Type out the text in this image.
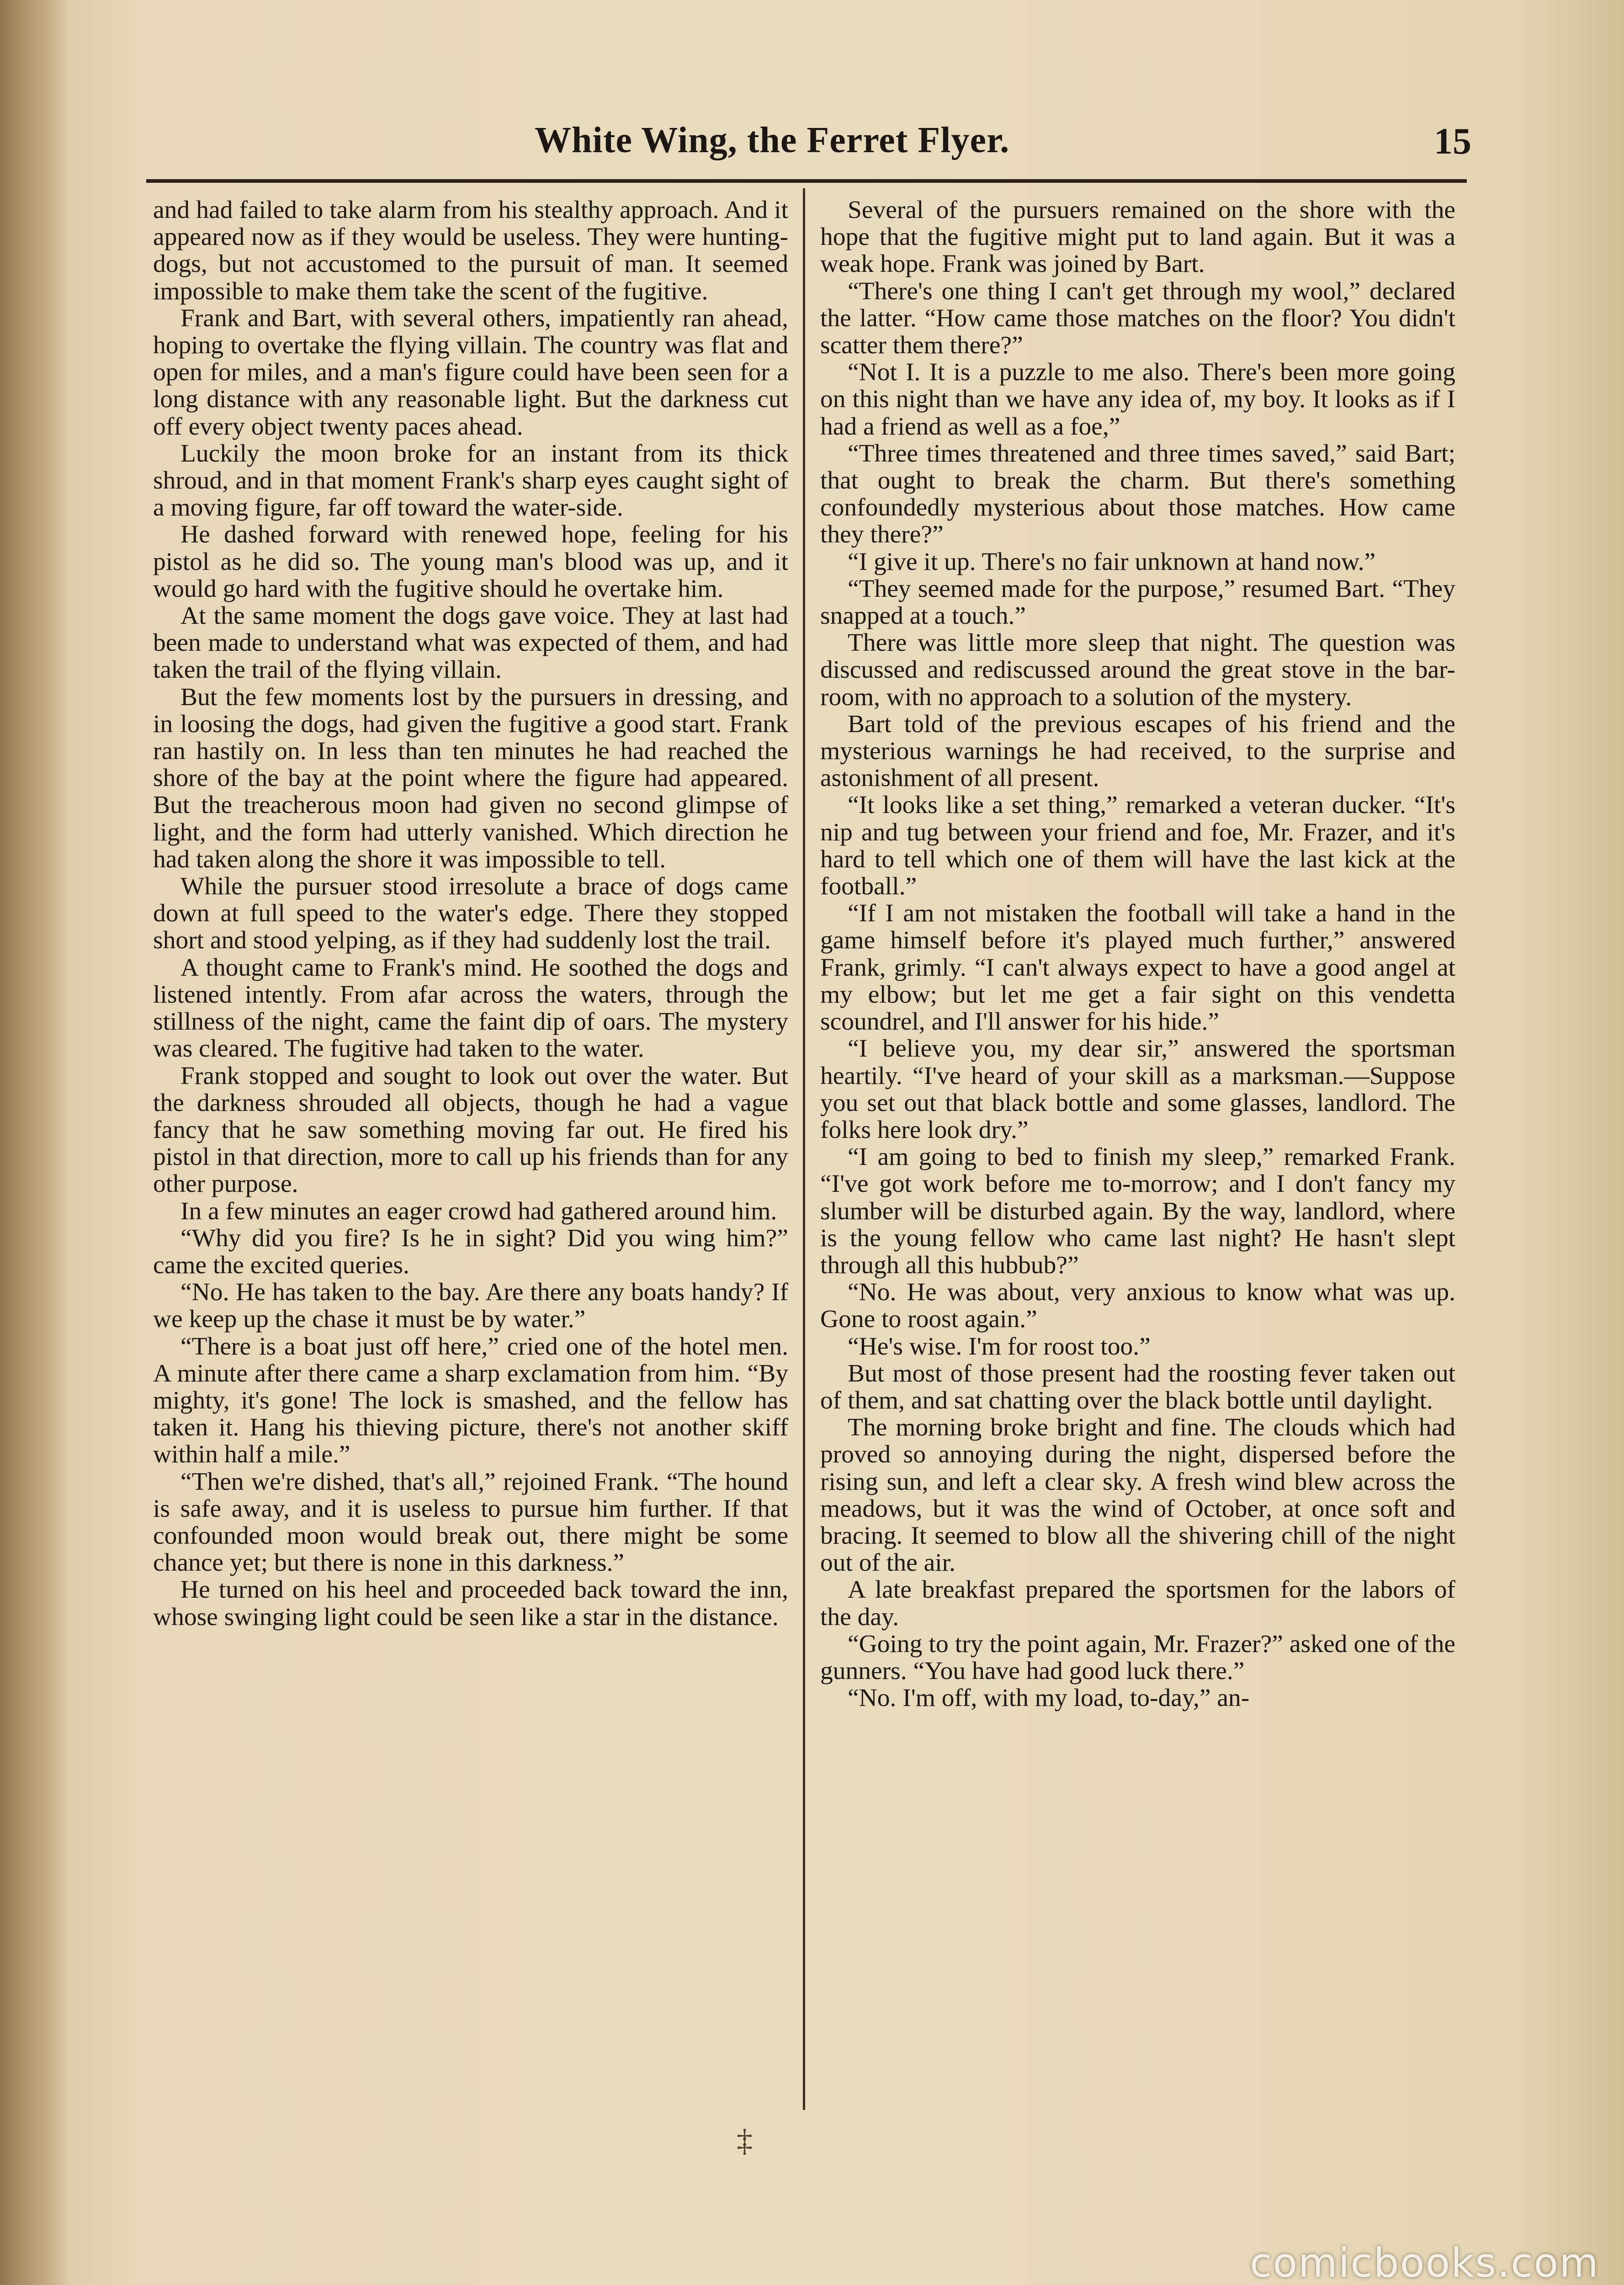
White Wing, the Ferret Flyer.	15

and had failed to take alarm from his stealthy approach. And it appeared now as if they would be useless. They were hunting-dogs, but not accustomed to the pursuit of man. It seemed impossible to make them take the scent of the fugitive.

Frank and Bart, with several others, impatiently ran ahead, hoping to overtake the flying villain. The country was flat and open for miles, and a man's figure could have been seen for a long distance with any reasonable light. But the darkness cut off every object twenty paces ahead.

Luckily the moon broke for an instant from its thick shroud, and in that moment Frank's sharp eyes caught sight of a moving figure, far off toward the water-side.

He dashed forward with renewed hope, feeling for his pistol as he did so. The young man's blood was up, and it would go hard with the fugitive should he overtake him.

At the same moment the dogs gave voice. They at last had been made to understand what was expected of them, and had taken the trail of the flying villain.

But the few moments lost by the pursuers in dressing, and in loosing the dogs, had given the fugitive a good start. Frank ran hastily on. In less than ten minutes he had reached the shore of the bay at the point where the figure had appeared. But the treacherous moon had given no second glimpse of light, and the form had utterly vanished. Which direction he had taken along the shore it was impossible to tell.

While the pursuer stood irresolute a brace of dogs came down at full speed to the water's edge. There they stopped short and stood yelping, as if they had suddenly lost the trail.

A thought came to Frank's mind. He soothed the dogs and listened intently. From afar across the waters, through the stillness of the night, came the faint dip of oars. The mystery was cleared. The fugitive had taken to the water.

Frank stopped and sought to look out over the water. But the darkness shrouded all objects, though he had a vague fancy that he saw something moving far out. He fired his pistol in that direction, more to call up his friends than for any other purpose.

In a few minutes an eager crowd had gathered around him.

“Why did you fire? Is he in sight? Did you wing him?” came the excited queries.

“No. He has taken to the bay. Are there any boats handy? If we keep up the chase it must be by water.”

“There is a boat just off here,” cried one of the hotel men. A minute after there came a sharp exclamation from him. “By mighty, it's gone! The lock is smashed, and the fellow has taken it. Hang his thieving picture, there's not another skiff within half a mile.”

“Then we're dished, that's all,” rejoined Frank. “The hound is safe away, and it is useless to pursue him further. If that confounded moon would break out, there might be some chance yet; but there is none in this darkness.”

He turned on his heel and proceeded back toward the inn, whose swinging light could be seen like a star in the distance.

Several of the pursuers remained on the shore with the hope that the fugitive might put to land again. But it was a weak hope. Frank was joined by Bart.

“There's one thing I can't get through my wool,” declared the latter. “How came those matches on the floor? You didn't scatter them there?”

“Not I. It is a puzzle to me also. There's been more going on this night than we have any idea of, my boy. It looks as if I had a friend as well as a foe,”

“Three times threatened and three times saved,” said Bart; that ought to break the charm. But there's something confoundedly mysterious about those matches. How came they there?”

“I give it up. There's no fair unknown at hand now.”

“They seemed made for the purpose,” resumed Bart. “They snapped at a touch.”

There was little more sleep that night. The question was discussed and rediscussed around the great stove in the bar-room, with no approach to a solution of the mystery.

Bart told of the previous escapes of his friend and the mysterious warnings he had received, to the surprise and astonishment of all present.

“It looks like a set thing,” remarked a veteran ducker. “It's nip and tug between your friend and foe, Mr. Frazer, and it's hard to tell which one of them will have the last kick at the football.”

“If I am not mistaken the football will take a hand in the game himself before it's played much further,” answered Frank, grimly. “I can't always expect to have a good angel at my elbow; but let me get a fair sight on this vendetta scoundrel, and I'll answer for his hide.”

“I believe you, my dear sir,” answered the sportsman heartily. “I've heard of your skill as a marksman.—Suppose you set out that black bottle and some glasses, landlord. The folks here look dry.”

“I am going to bed to finish my sleep,” remarked Frank. “I've got work before me to-morrow; and I don't fancy my slumber will be disturbed again. By the way, landlord, where is the young fellow who came last night? He hasn't slept through all this hubbub?”

“No. He was about, very anxious to know what was up. Gone to roost again.”

“He's wise. I'm for roost too.”

But most of those present had the roosting fever taken out of them, and sat chatting over the black bottle until daylight.

The morning broke bright and fine. The clouds which had proved so annoying during the night, dispersed before the rising sun, and left a clear sky. A fresh wind blew across the meadows, but it was the wind of October, at once soft and bracing. It seemed to blow all the shivering chill of the night out of the air.

A late breakfast prepared the sportsmen for the labors of the day.

“Going to try the point again, Mr. Frazer?” asked one of the gunners. “You have had good luck there.”

“No. I'm off, with my load, to-day,” an-

‡
comicbooks.com
